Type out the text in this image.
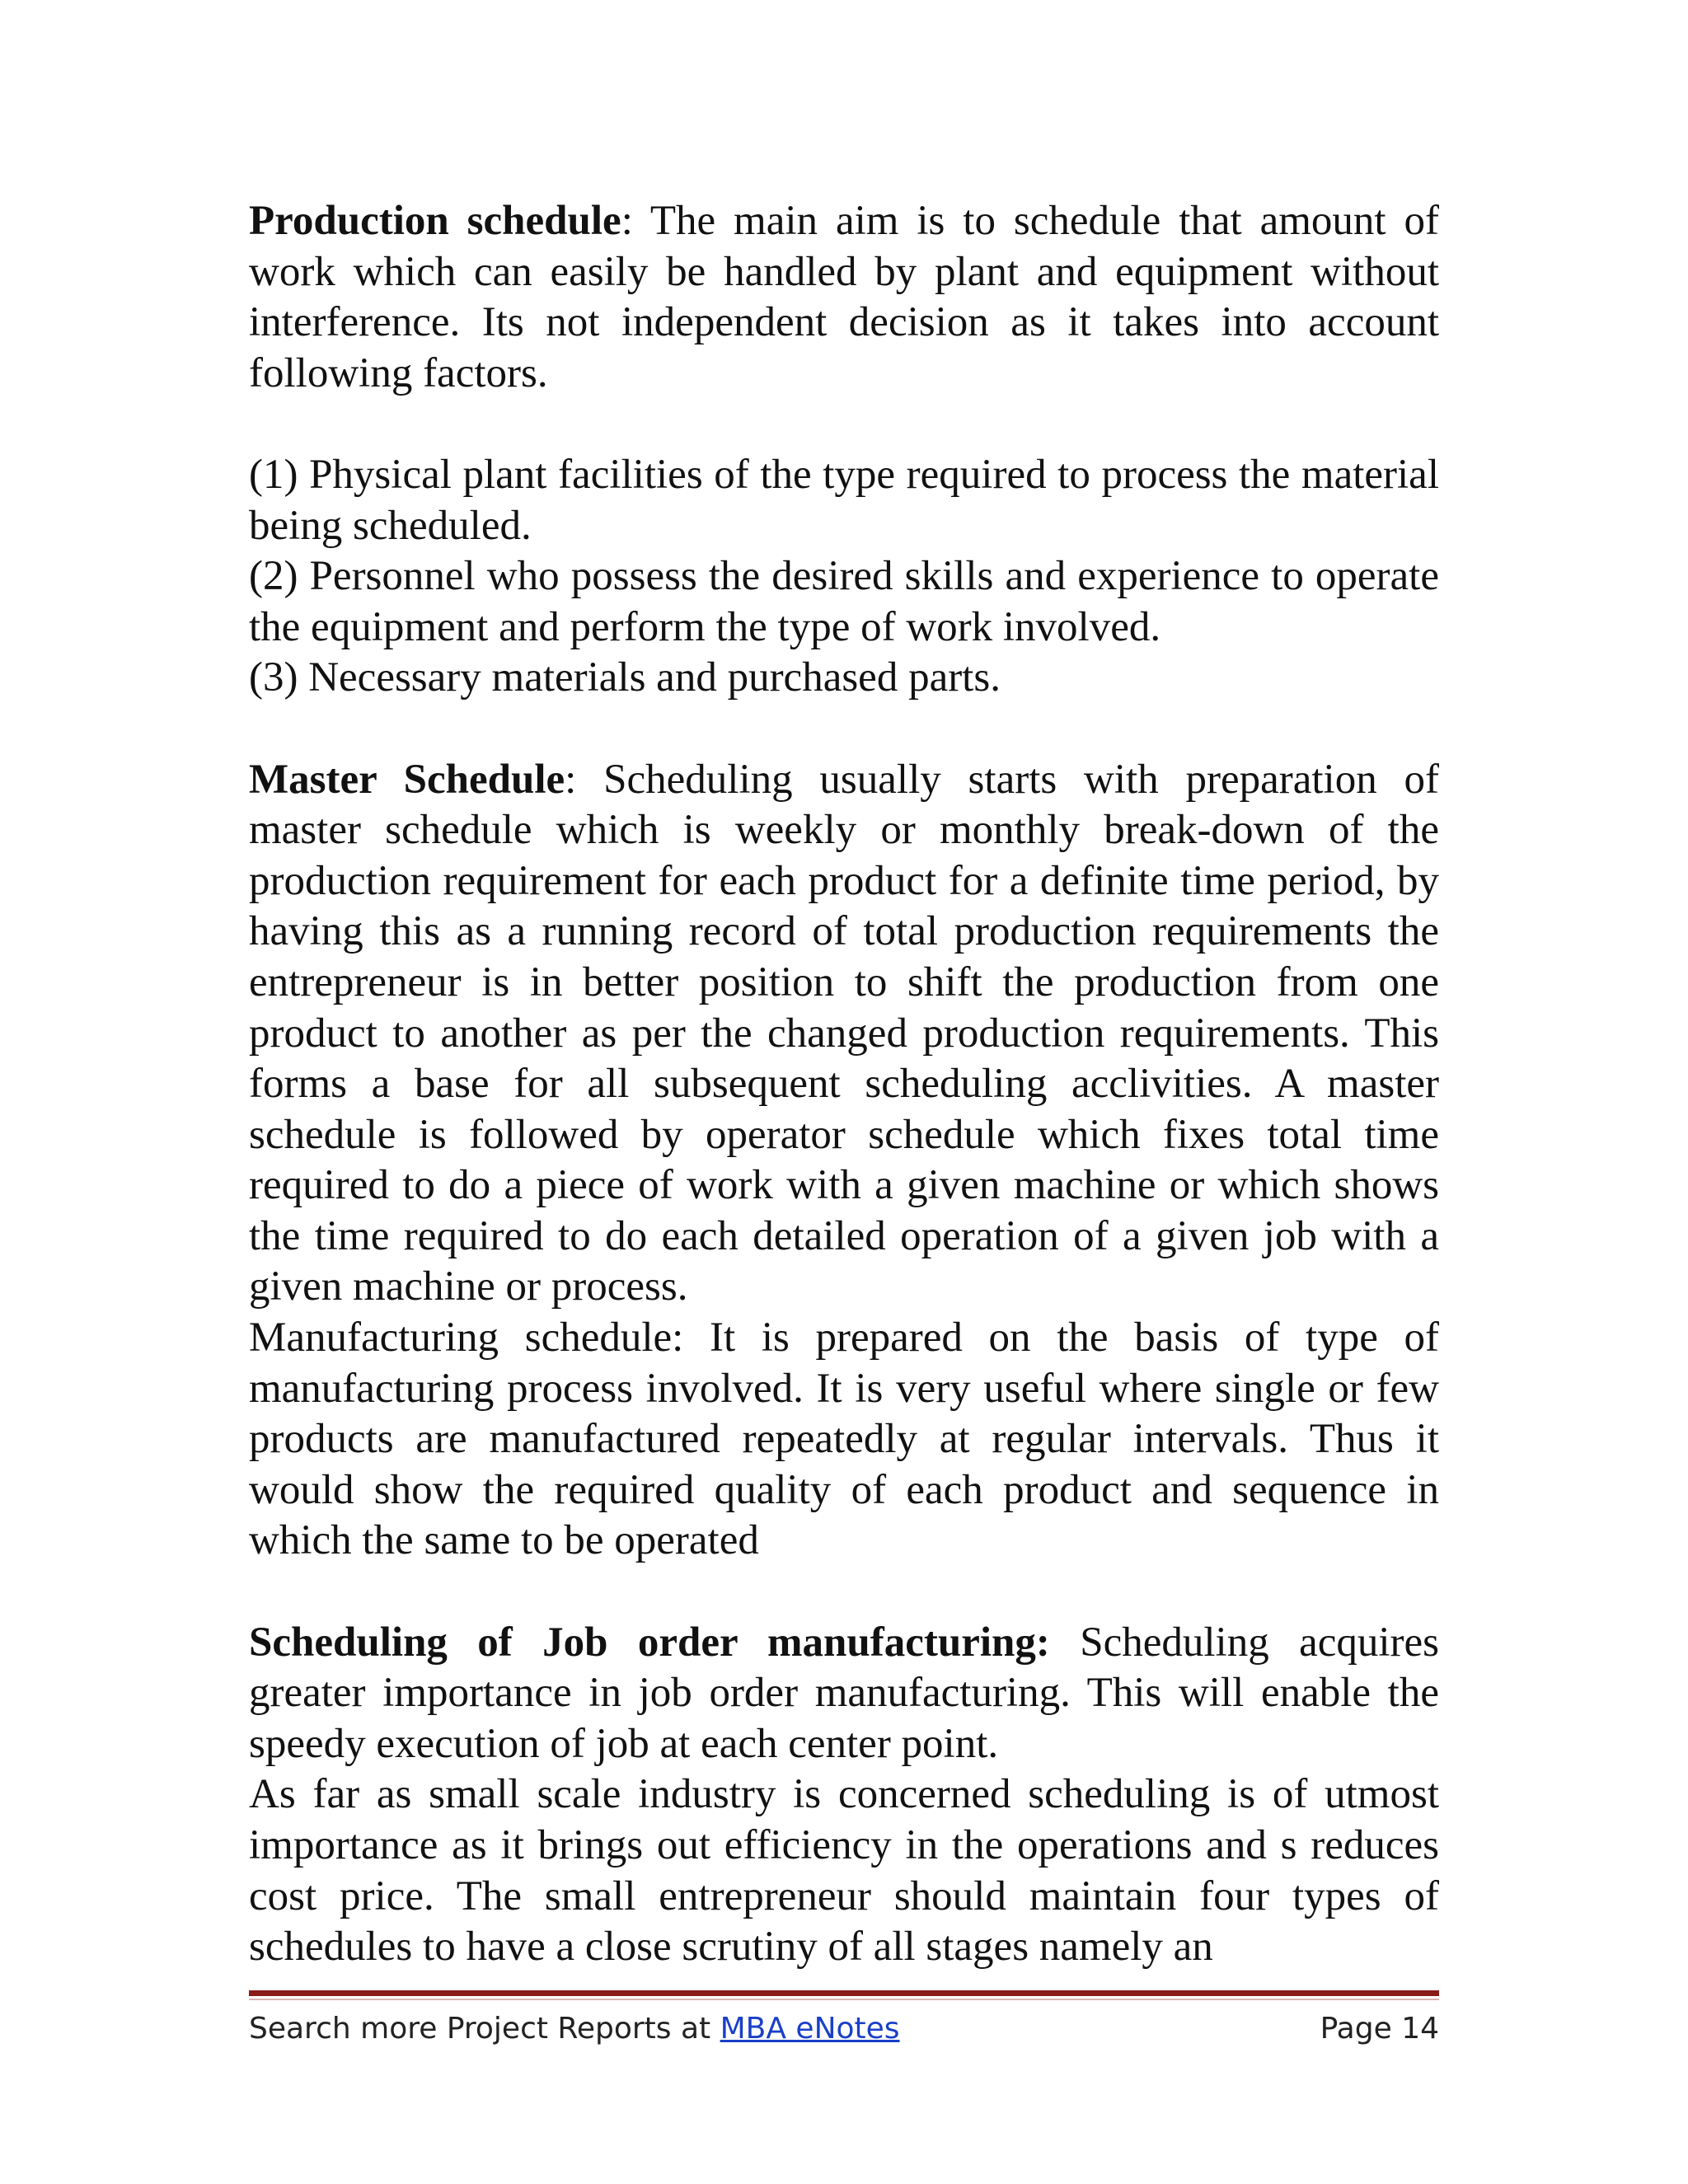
Production schedule: The main aim is to schedule that amount of work which can easily be handled by plant and equipment without interference. Its not independent decision as it takes into account following factors.

(1) Physical plant facilities of the type required to process the material being scheduled.

(2) Personnel who possess the desired skills and experience to operate the equipment and perform the type of work involved.

(3) Necessary materials and purchased parts.

Master Schedule: Scheduling usually starts with preparation of master schedule which is weekly or monthly break-down of the production requirement for each product for a definite time period, by having this as a running record of total production requirements the entrepreneur is in better position to shift the production from one product to another as per the changed production requirements. This forms a base for all subsequent scheduling acclivities. A master schedule is followed by operator schedule which fixes total time required to do a piece of work with a given machine or which shows the time required to do each detailed operation of a given job with a given machine or process.

Manufacturing schedule: It is prepared on the basis of type of manufacturing process involved. It is very useful where single or few products are manufactured repeatedly at regular intervals. Thus it would show the required quality of each product and sequence in which the same to be operated

Scheduling of Job order manufacturing: Scheduling acquires greater importance in job order manufacturing. This will enable the speedy execution of job at each center point.

As far as small scale industry is concerned scheduling is of utmost importance as it brings out efficiency in the operations and s reduces cost price. The small entrepreneur should maintain four types of schedules to have a close scrutiny of all stages namely an

Search more Project Reports at MBA eNotes	Page 14
